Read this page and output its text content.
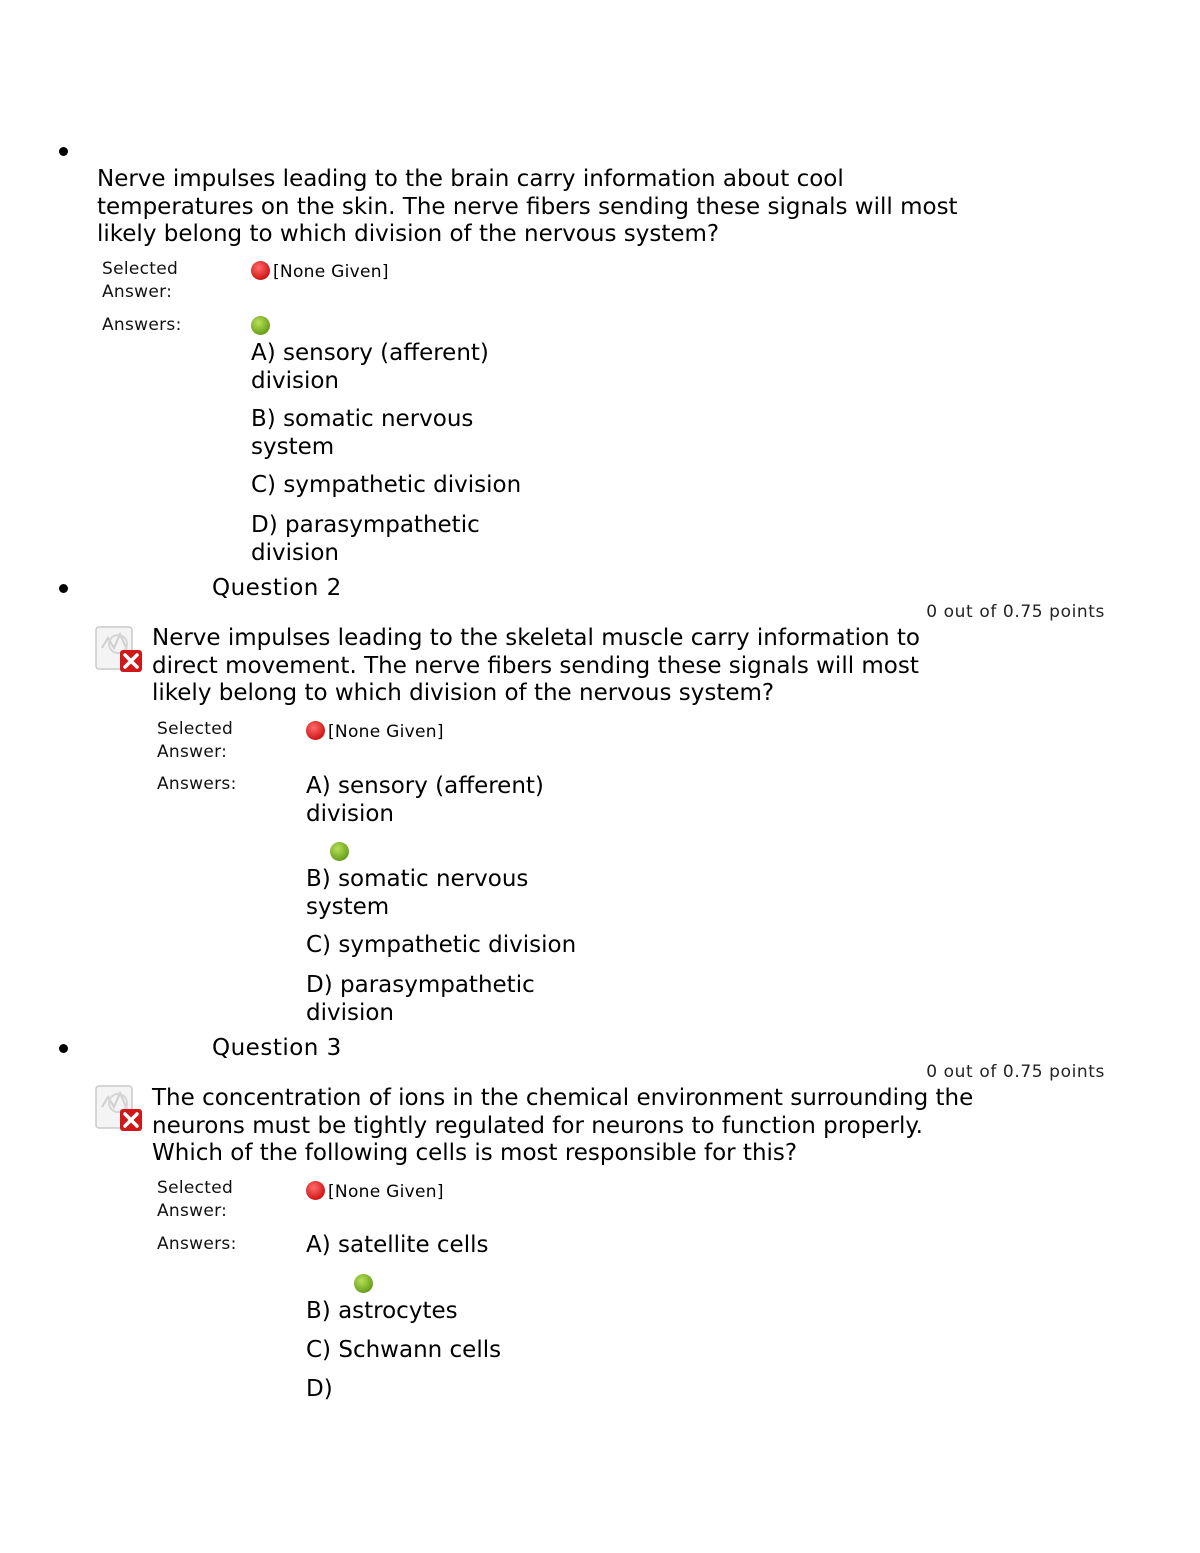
Nerve impulses leading to the brain carry information about cool
temperatures on the skin. The nerve fibers sending these signals will most
likely belong to which division of the nervous system?
Selected
Answer:
[None Given]
Answers:

A) sensory (afferent)
division
B) somatic nervous
system
C) sympathetic division
D) parasympathetic
division
Question 2
0 out of 0.75 points
Nerve impulses leading to the skeletal muscle carry information to
direct movement. The nerve fibers sending these signals will most
likely belong to which division of the nervous system?
Selected
Answer:
[None Given]
Answers:	A) sensory (afferent)
division

B) somatic nervous
system
C) sympathetic division
D) parasympathetic
division
Question 3
0 out of 0.75 points
The concentration of ions in the chemical environment surrounding the
neurons must be tightly regulated for neurons to function properly.
Which of the following cells is most responsible for this?
Selected
Answer:
[None Given]
Answers:	A) satellite cells
B) astrocytes
C) Schwann cells
D)
